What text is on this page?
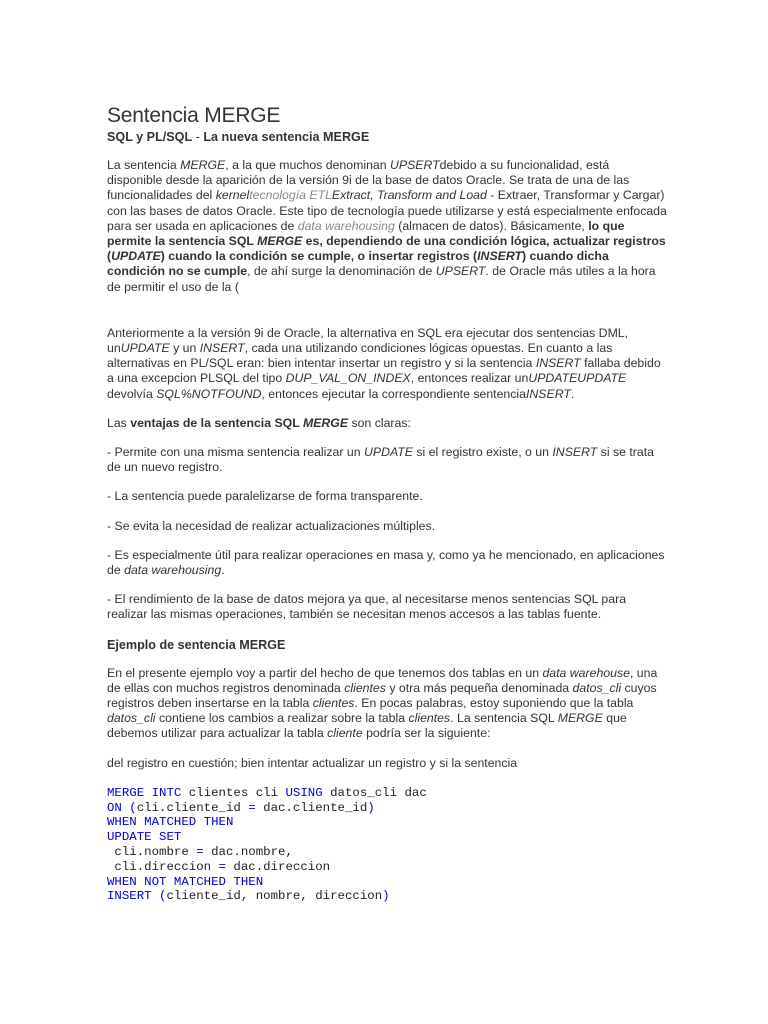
Sentencia MERGE
SQL y PL/SQL - La nueva sentencia MERGE

La sentencia MERGE, a la que muchos denominan UPSERTdebido a su funcionalidad, está disponible desde la aparición de la versión 9i de la base de datos Oracle. Se trata de una de las funcionalidades del kerneltecnología ETLExtract, Transform and Load - Extraer, Transformar y Cargar) con las bases de datos Oracle. Este tipo de tecnología puede utilizarse y está especialmente enfocada para ser usada en aplicaciones de data warehousing (almacen de datos). Básicamente, lo que permite la sentencia SQL MERGE es, dependiendo de una condición lógica, actualizar registros (UPDATE) cuando la condición se cumple, o insertar registros (INSERT) cuando dicha condición no se cumple, de ahí surge la denominación de UPSERT. de Oracle más utiles a la hora de permitir el uso de la (

Anteriormente a la versión 9i de Oracle, la alternativa en SQL era ejecutar dos sentencias DML, unUPDATE y un INSERT, cada una utilizando condiciones lógicas opuestas. En cuanto a las alternativas en PL/SQL eran: bien intentar insertar un registro y si la sentencia INSERT fallaba debido a una excepcion PLSQL del tipo DUP_VAL_ON_INDEX, entonces realizar unUPDATEUPDATE devolvía SQL%NOTFOUND, entonces ejecutar la correspondiente sentenciaINSERT.

Las ventajas de la sentencia SQL MERGE son claras:

- Permite con una misma sentencia realizar un UPDATE si el registro existe, o un INSERT si se trata de un nuevo registro.

- La sentencia puede paralelizarse de forma transparente.

- Se evita la necesidad de realizar actualizaciones múltiples.

- Es especialmente útil para realizar operaciones en masa y, como ya he mencionado, en aplicaciones de data warehousing.

- El rendimiento de la base de datos mejora ya que, al necesitarse menos sentencias SQL para realizar las mismas operaciones, también se necesitan menos accesos a las tablas fuente.

Ejemplo de sentencia MERGE

En el presente ejemplo voy a partir del hecho de que tenemos dos tablas en un data warehouse, una de ellas con muchos registros denominada clientes y otra más pequeña denominada datos_cli cuyos registros deben insertarse en la tabla clientes. En pocas palabras, estoy suponiendo que la tabla datos_cli contiene los cambios a realizar sobre la tabla clientes. La sentencia SQL MERGE que debemos utilizar para actualizar la tabla cliente podría ser la siguiente:

del registro en cuestión; bien intentar actualizar un registro y si la sentencia

MERGE INTC clientes cli USING datos_cli dac
ON (cli.cliente_id = dac.cliente_id)
WHEN MATCHED THEN
UPDATE SET
cli.nombre = dac.nombre,
cli.direccion = dac.direccion
WHEN NOT MATCHED THEN
INSERT (cliente_id, nombre, direccion)
